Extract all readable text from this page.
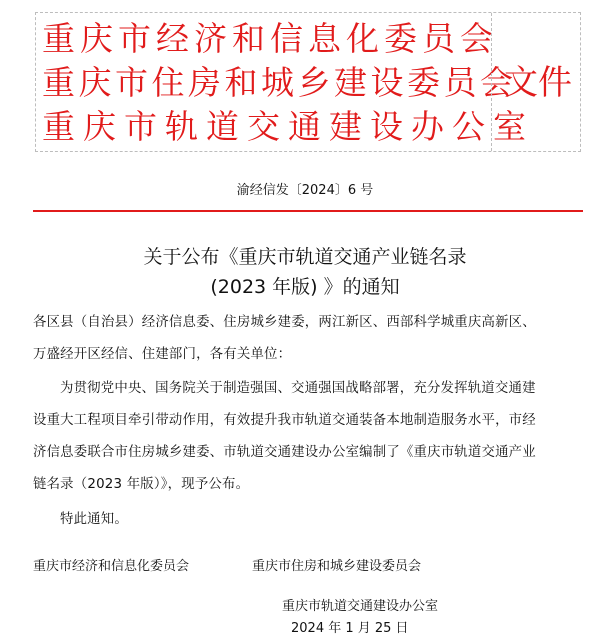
重庆市经济和信息化委员会
重庆市住房和城乡建设委员会
重庆市轨道交通建设办公室
文件
渝经信发〔2024〕6 号
关于公布《重庆市轨道交通产业链名录
(2023 年版) 》的通知
各区县（自治县）经济信息委、住房城乡建委，两江新区、西部科学城重庆高新区、
万盛经开区经信、住建部门，各有关单位：
为贯彻党中央、国务院关于制造强国、交通强国战略部署，充分发挥轨道交通建
设重大工程项目牵引带动作用，有效提升我市轨道交通装备本地制造服务水平，市经
济信息委联合市住房城乡建委、市轨道交通建设办公室编制了《重庆市轨道交通产业
链名录（2023 年版）》，现予公布。
特此通知。
重庆市经济和信息化委员会	重庆市住房和城乡建设委员会
重庆市轨道交通建设办公室
2024 年 1 月 25 日
